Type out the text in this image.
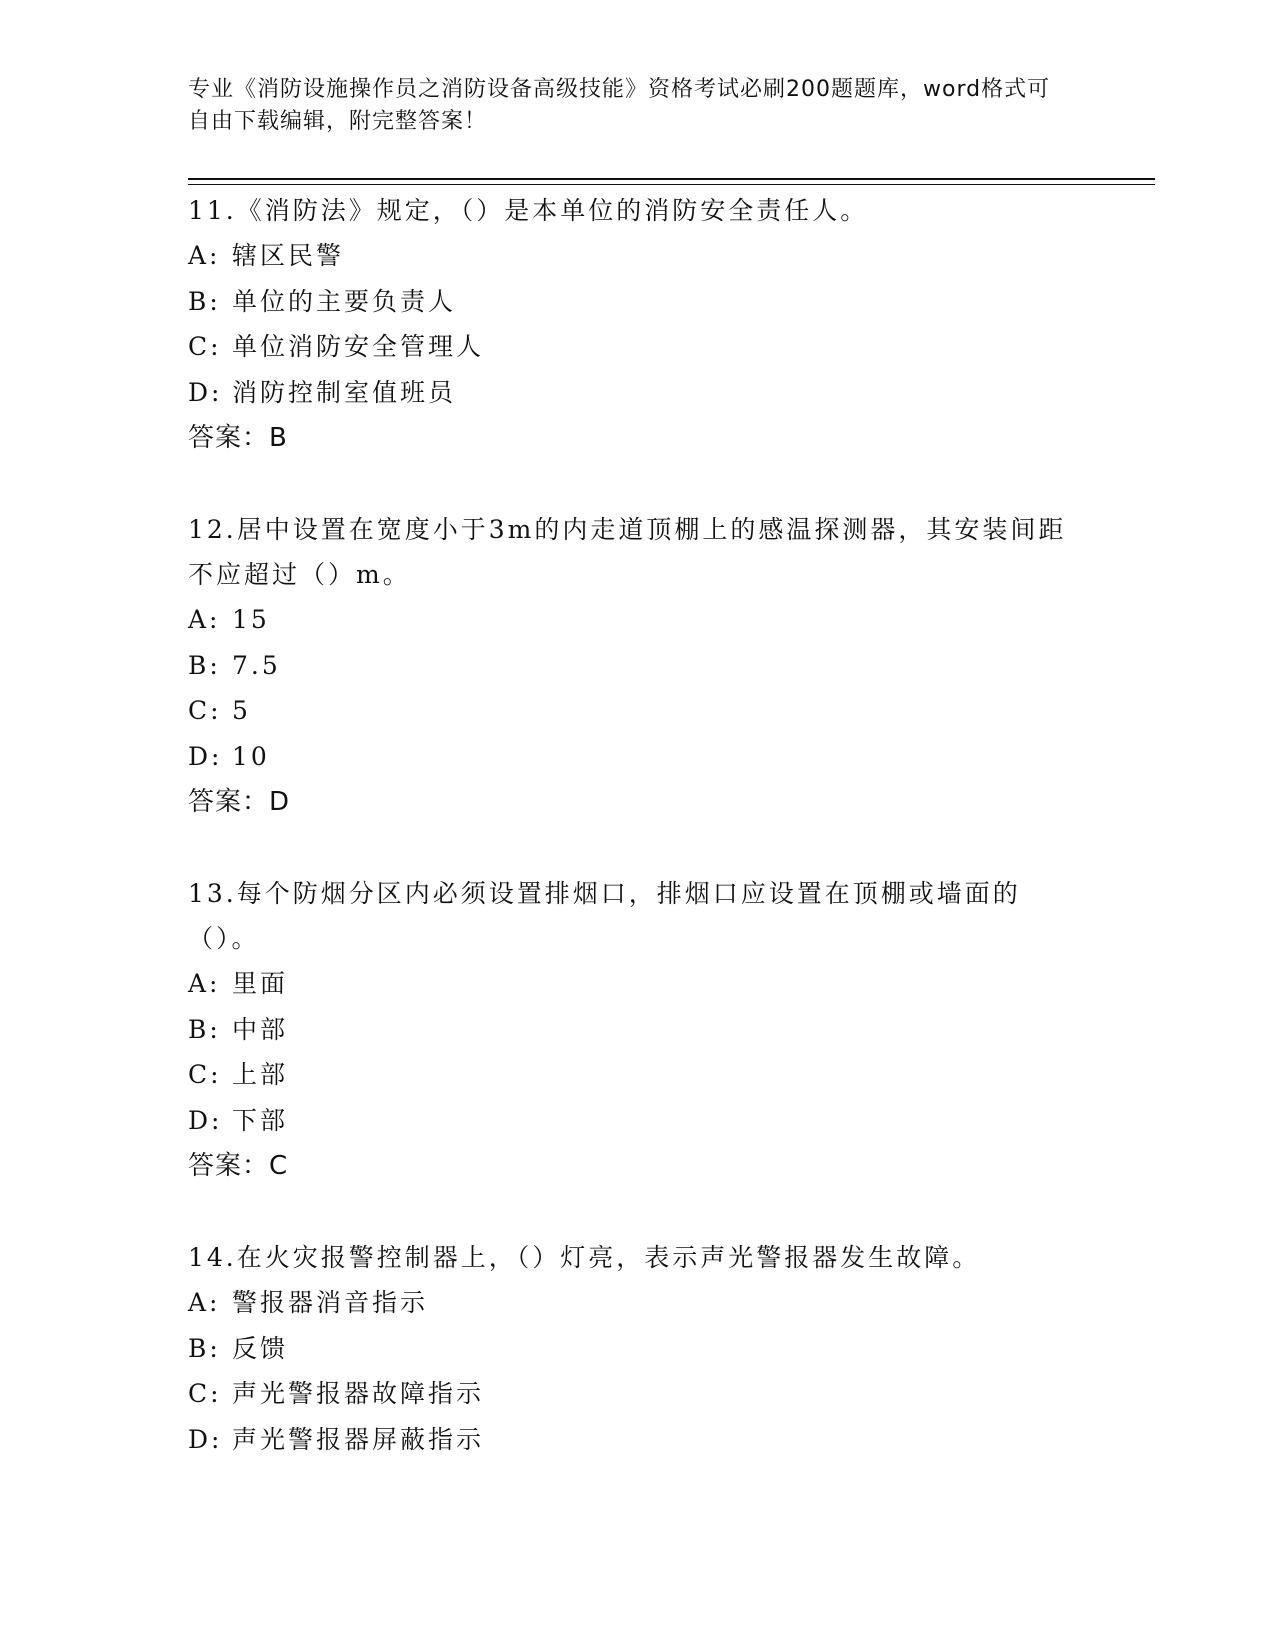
专业《消防设施操作员之消防设备高级技能》资格考试必刷200题题库，word格式可自由下载编辑，附完整答案！

11.《消防法》规定，（）是本单位的消防安全责任人。

A: 辖区民警

B: 单位的主要负责人

C: 单位消防安全管理人

D: 消防控制室值班员

答案：B

12.居中设置在宽度小于3m的内走道顶棚上的感温探测器，其安装间距不应超过（）m。

A: 15

B: 7.5

C: 5

D: 10

答案：D

13.每个防烟分区内必须设置排烟口，排烟口应设置在顶棚或墙面的（）。

A: 里面

B: 中部

C: 上部

D: 下部

答案：C

14.在火灾报警控制器上，（）灯亮，表示声光警报器发生故障。

A: 警报器消音指示

B: 反馈

C: 声光警报器故障指示

D: 声光警报器屏蔽指示
